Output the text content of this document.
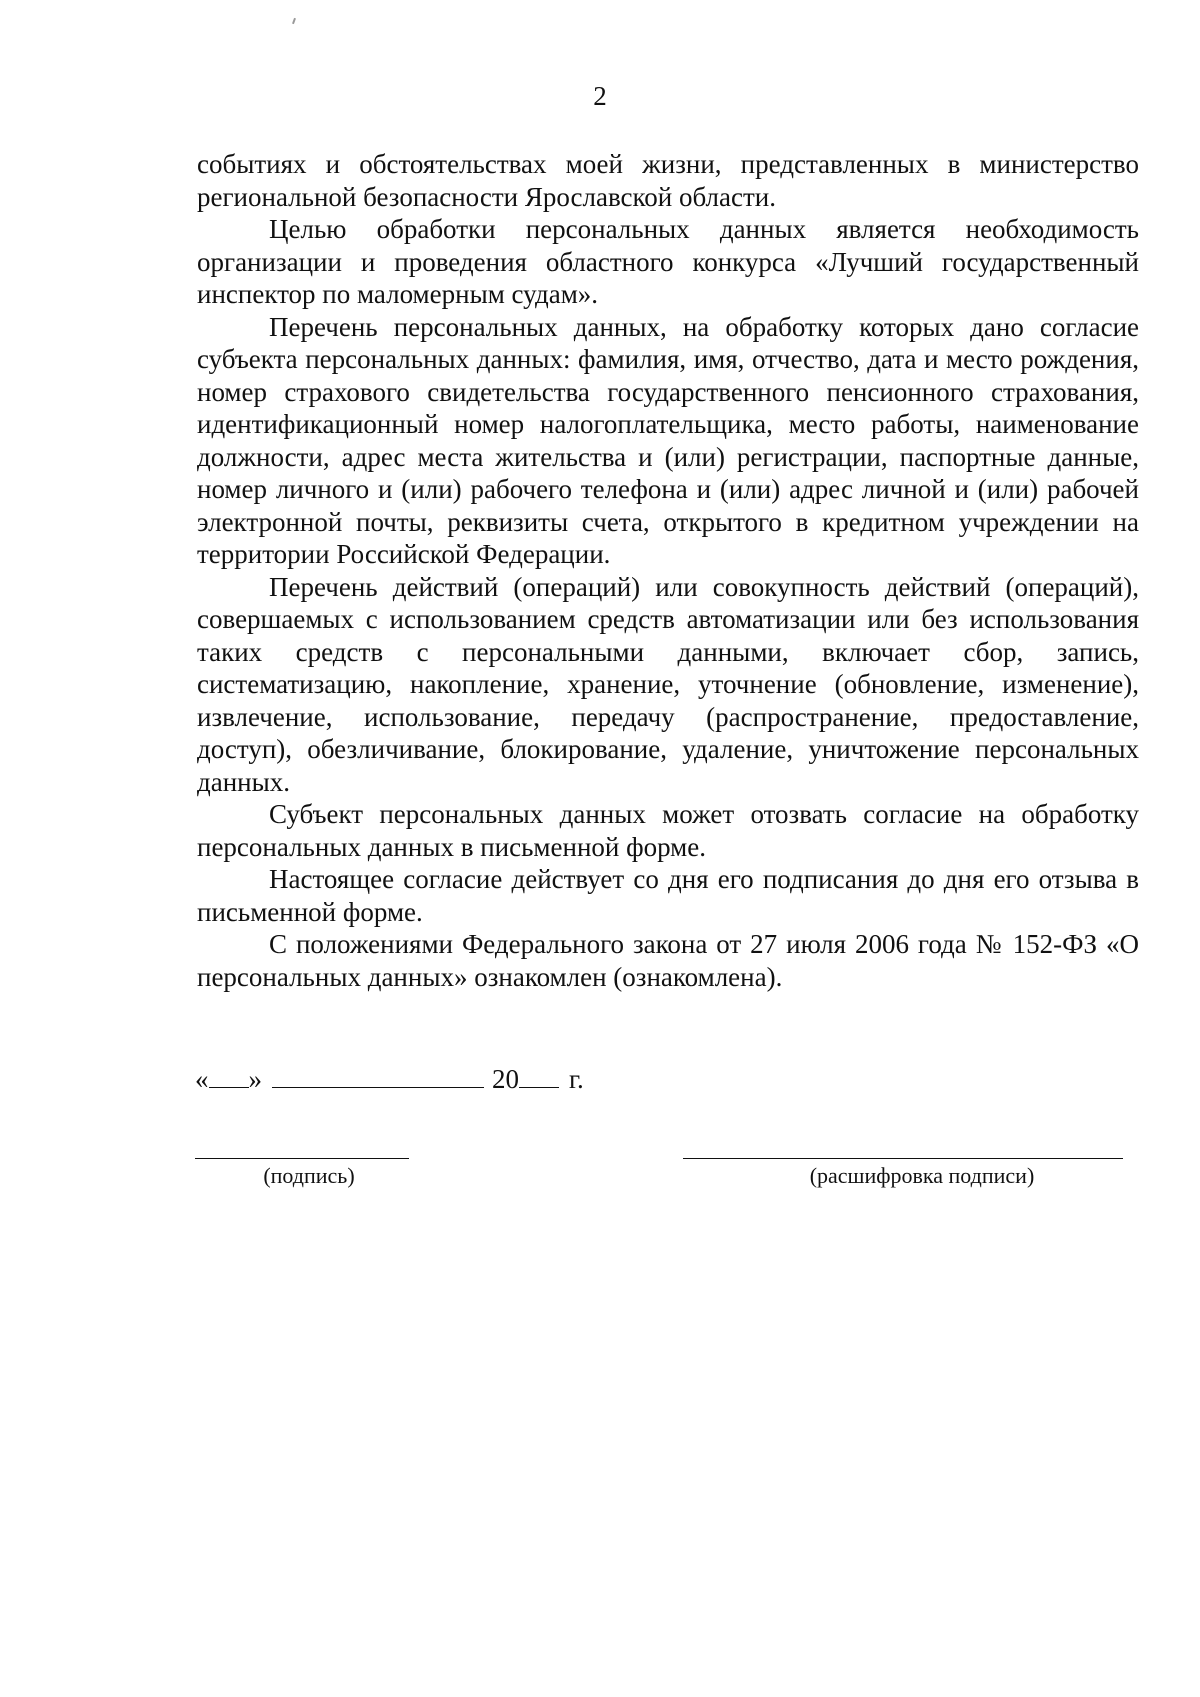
2

событиях и обстоятельствах моей жизни, представленных в министерство региональной безопасности Ярославской области.

Целью обработки персональных данных является необходимость организации и проведения областного конкурса «Лучший государственный инспектор по маломерным судам».

Перечень персональных данных, на обработку которых дано согласие субъекта персональных данных: фамилия, имя, отчество, дата и место рождения, номер страхового свидетельства государственного пенсионного страхования, идентификационный номер налогоплательщика, место работы, наименование должности, адрес места жительства и (или) регистрации, паспортные данные, номер личного и (или) рабочего телефона и (или) адрес личной и (или) рабочей электронной почты, реквизиты счета, открытого в кредитном учреждении на территории Российской Федерации.

Перечень действий (операций) или совокупность действий (операций), совершаемых с использованием средств автоматизации или без использования таких средств с персональными данными, включает сбор, запись, систематизацию, накопление, хранение, уточнение (обновление, изменение), извлечение, использование, передачу (распространение, предоставление, доступ), обезличивание, блокирование, удаление, уничтожение персональных данных.

Субъект персональных данных может отозвать согласие на обработку персональных данных в письменной форме.

Настоящее согласие действует со дня его подписания до дня его отзыва в письменной форме.

С положениями Федерального закона от 27 июля 2006 года № 152-ФЗ «О персональных данных» ознакомлен (ознакомлена).

« »	20 г.
(подпись)	(расшифровка подписи)
